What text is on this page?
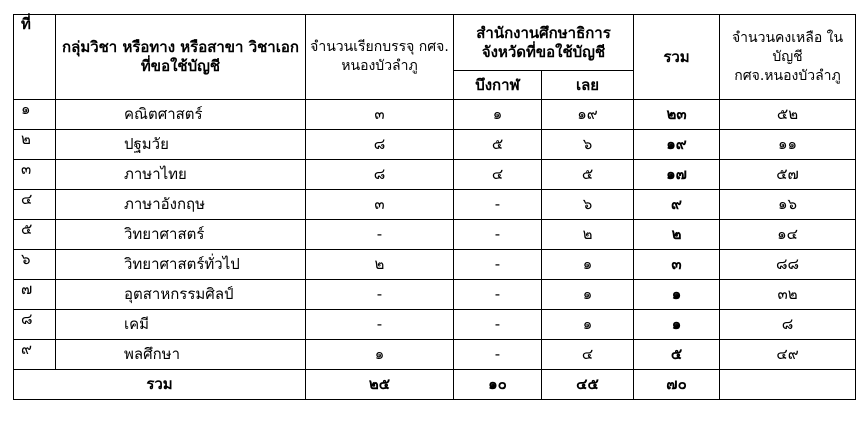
ที่	กลุ่มวิชา หรือทาง หรือสาขา วิชาเอก ที่ขอใช้บัญชี	จำนวนเรียกบรรจุ กศจ. หนองบัวลำภู	สำนักงานศึกษาธิการ จังหวัดที่ขอใช้บัญชี		รวม	จำนวนคงเหลือ ในบัญชี กศจ.หนองบัวลำภู
			บึงกาฬ	เลย		
๑	คณิตศาสตร์	๓	๑	๑๙	๒๓	๕๒
๒	ปฐมวัย	๘	๕	๖	๑๙	๑๑
๓	ภาษาไทย	๘	๔	๕	๑๗	๕๗
๔	ภาษาอังกฤษ	๓	-	๖	๙	๑๖
๕	วิทยาศาสตร์	-	-	๒	๒	๑๔
๖	วิทยาศาสตร์ทั่วไป	๒	-	๑	๓	๘๘
๗	อุตสาหกรรมศิลป์	-	-	๑	๑	๓๒
๘	เคมี	-	-	๑	๑	๘
๙	พลศึกษา	๑	-	๔	๕	๔๙
รวม		๒๕	๑๐	๔๕	๗๐	
